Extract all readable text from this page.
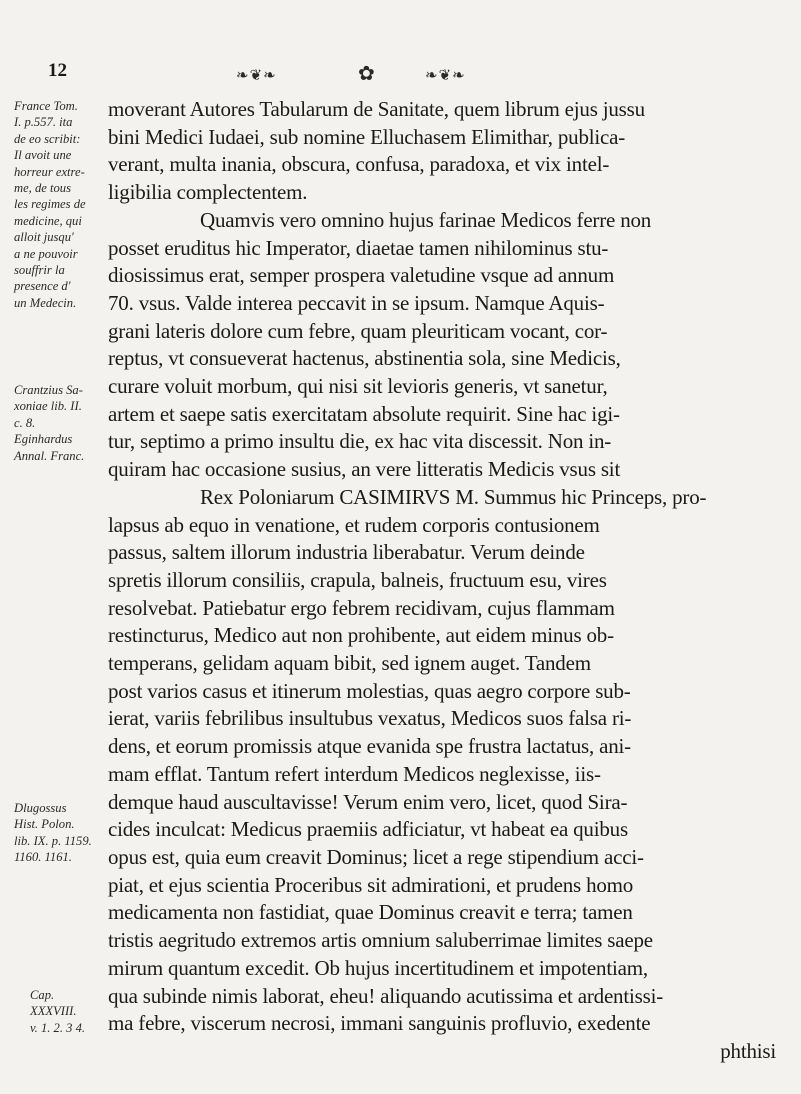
12	❧❦❧	✿	❧❦❧
France Tom.
I. p.557. ita
de eo scribit:
Il avoit une
horreur extre-
me, de tous
les regimes de
medicine, qui
alloit jusqu'
a ne pouvoir
souffrir la
presence d'
un Medecin.
Crantzius Sa-
xoniae lib. II.
c. 8.
Eginhardus
Annal. Franc.
Dlugossus
Hist. Polon.
lib. IX. p. 1159.
1160. 1161.
Cap.
XXXVIII.
v. 1. 2. 3 4.
moverant Autores Tabularum de Sanitate, quem librum ejus jussu
bini Medici Iudaei, sub nomine Elluchasem Elimithar, publica-
verant, multa inania, obscura, confusa, paradoxa, et vix intel-
ligibilia complectentem.
Quamvis vero omnino hujus farinae Medicos ferre non
posset eruditus hic Imperator, diaetae tamen nihilominus stu-
diosissimus erat, semper prospera valetudine vsque ad annum
70. vsus. Valde interea peccavit in se ipsum. Namque Aquis-
grani lateris dolore cum febre, quam pleuriticam vocant, cor-
reptus, vt consueverat hactenus, abstinentia sola, sine Medicis,
curare voluit morbum, qui nisi sit levioris generis, vt sanetur,
artem et saepe satis exercitatam absolute requirit. Sine hac igi-
tur, septimo a primo insultu die, ex hac vita discessit. Non in-
quiram hac occasione susius, an vere litteratis Medicis vsus sit
Rex Poloniarum CASIMIRVS M. Summus hic Princeps, pro-
lapsus ab equo in venatione, et rudem corporis contusionem
passus, saltem illorum industria liberabatur. Verum deinde
spretis illorum consiliis, crapula, balneis, fructuum esu, vires
resolvebat. Patiebatur ergo febrem recidivam, cujus flammam
restincturus, Medico aut non prohibente, aut eidem minus ob-
temperans, gelidam aquam bibit, sed ignem auget. Tandem
post varios casus et itinerum molestias, quas aegro corpore sub-
ierat, variis febrilibus insultubus vexatus, Medicos suos falsa ri-
dens, et eorum promissis atque evanida spe frustra lactatus, ani-
mam efflat. Tantum refert interdum Medicos neglexisse, iis-
demque haud auscultavisse! Verum enim vero, licet, quod Sira-
cides inculcat: Medicus praemiis adficiatur, vt habeat ea quibus
opus est, quia eum creavit Dominus; licet a rege stipendium acci-
piat, et ejus scientia Proceribus sit admirationi, et prudens homo
medicamenta non fastidiat, quae Dominus creavit e terra; tamen
tristis aegritudo extremos artis omnium saluberrimae limites saepe
mirum quantum excedit. Ob hujus incertitudinem et impotentiam,
qua subinde nimis laborat, eheu! aliquando acutissima et ardentissi-
ma febre, viscerum necrosi, immani sanguinis profluvio, exedente
phthisi
